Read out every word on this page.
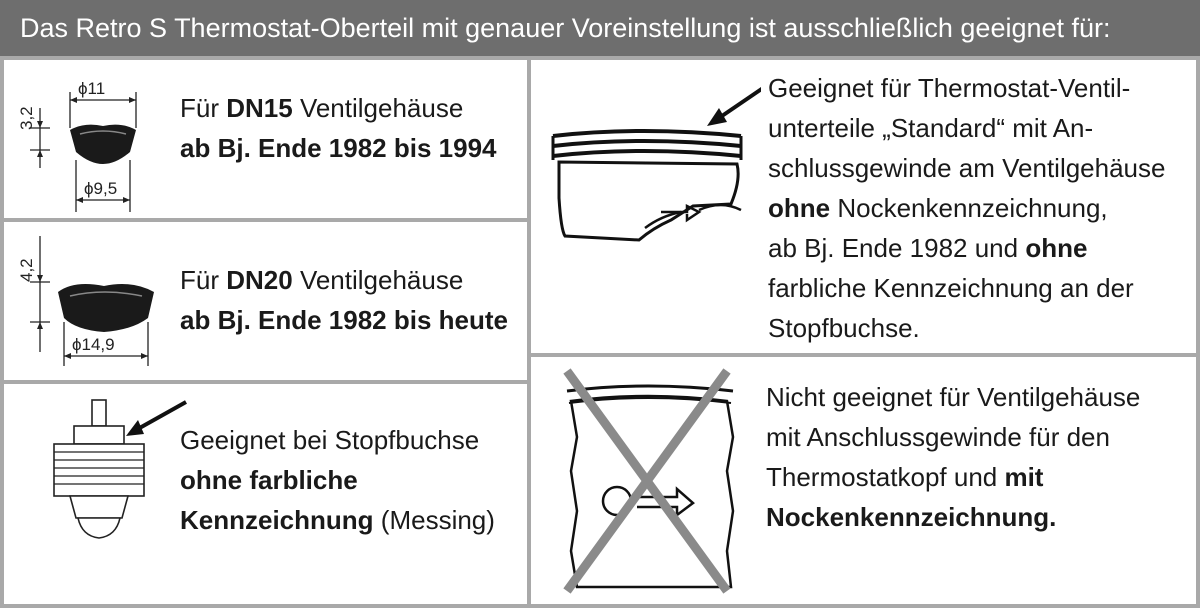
Das Retro S Thermostat-Oberteil mit genauer Voreinstellung ist ausschließlich geeignet für:
3,2
ϕ11
ϕ9,5
Für DN15 Ventilgehäuse
ab Bj. Ende 1982 bis 1994
4,2
ϕ14,9
Für DN20 Ventilgehäuse
ab Bj. Ende 1982 bis heute
Geeignet bei Stopfbuchse
ohne farbliche
Kennzeichnung (Messing)
Geeignet für Thermostat-Ventil-
unterteile „Standard“ mit An-
schlussgewinde am Ventilgehäuse
ohne Nockenkennzeichnung,
ab Bj. Ende 1982 und ohne
farbliche Kennzeichnung an der
Stopfbuchse.
Nicht geeignet für Ventilgehäuse
mit Anschlussgewinde für den
Thermostatkopf und mit
Nockenkennzeichnung.
